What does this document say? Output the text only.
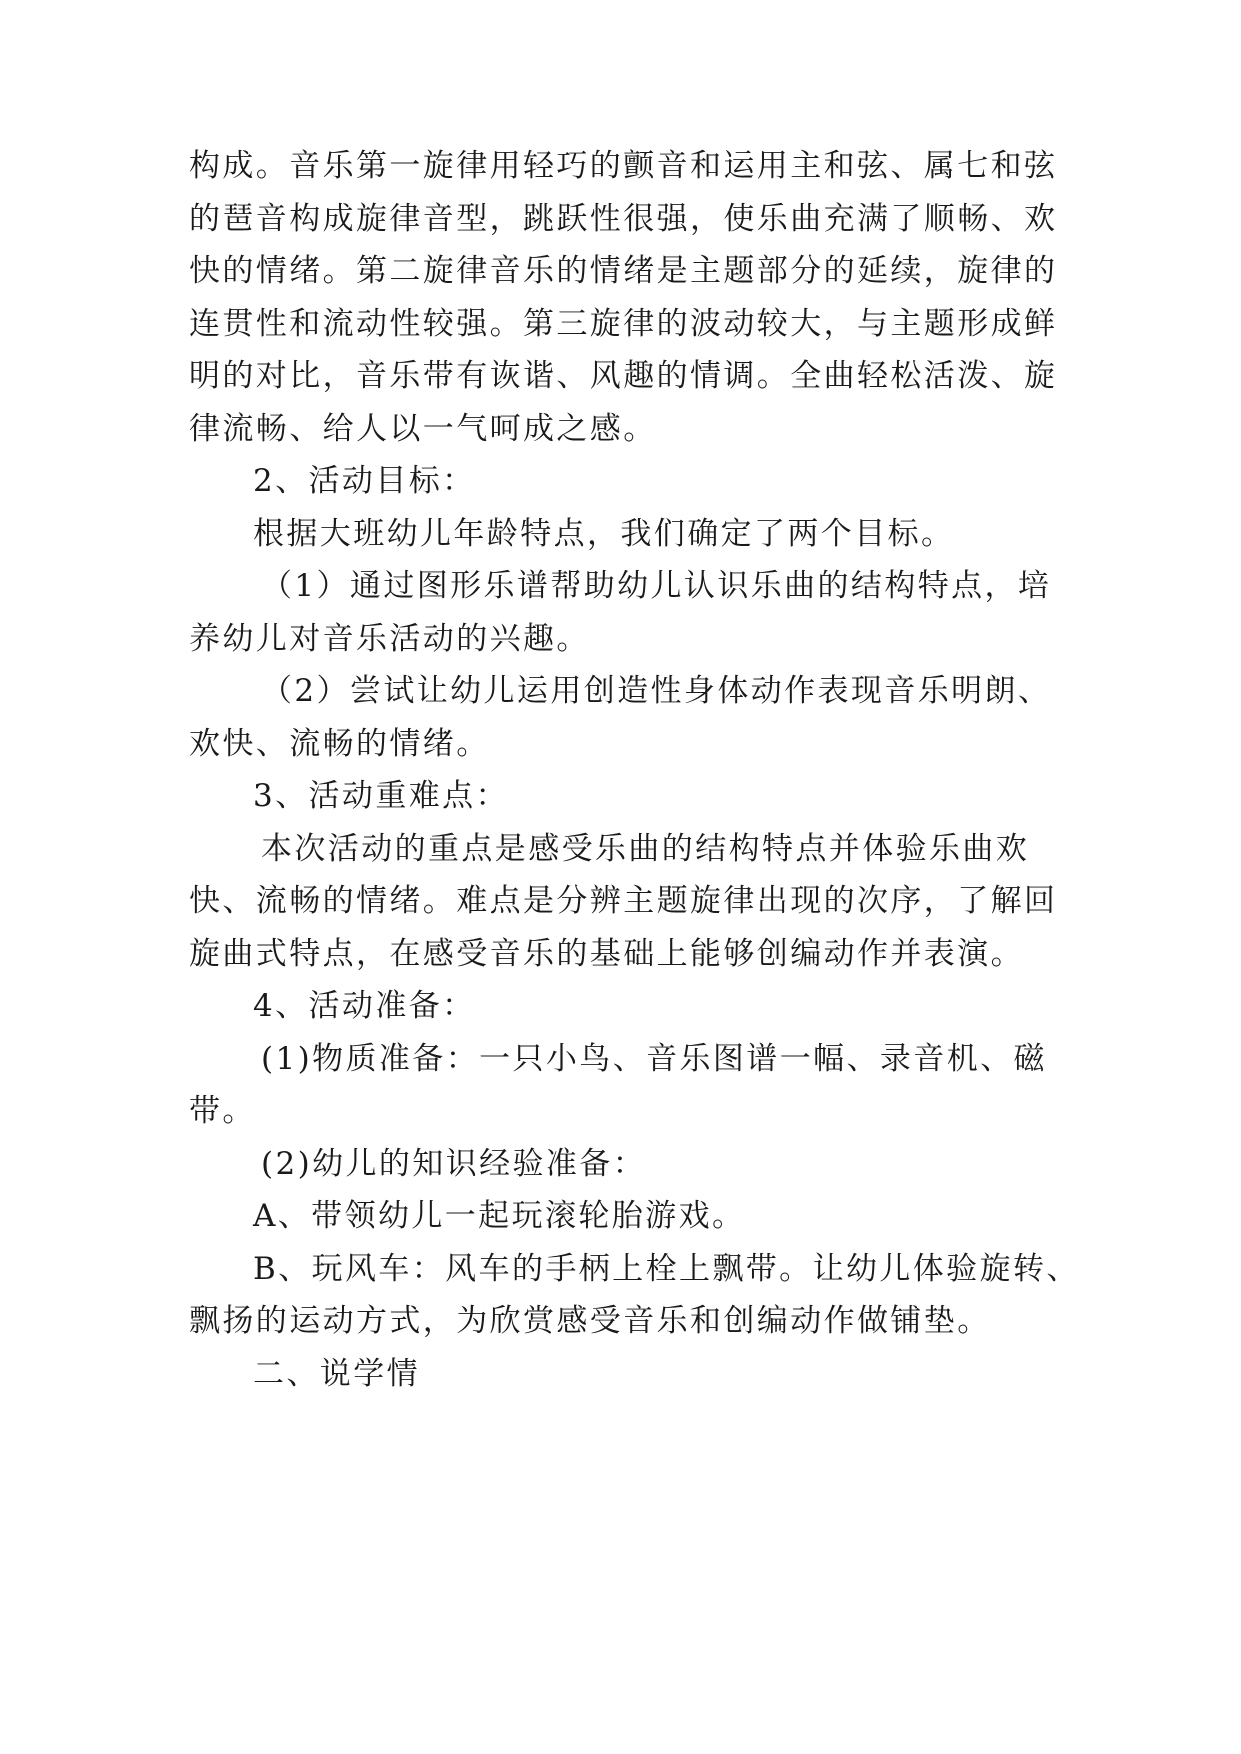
构成。音乐第一旋律用轻巧的颤音和运用主和弦、属七和弦
的琶音构成旋律音型，跳跃性很强，使乐曲充满了顺畅、欢
快的情绪。第二旋律音乐的情绪是主题部分的延续，旋律的
连贯性和流动性较强。第三旋律的波动较大，与主题形成鲜
明的对比，音乐带有诙谐、风趣的情调。全曲轻松活泼、旋
律流畅、给人以一气呵成之感。
2、活动目标：
根据大班幼儿年龄特点，我们确定了两个目标。
（1）通过图形乐谱帮助幼儿认识乐曲的结构特点，培
养幼儿对音乐活动的兴趣。
（2）尝试让幼儿运用创造性身体动作表现音乐明朗、
欢快、流畅的情绪。
3、活动重难点：
本次活动的重点是感受乐曲的结构特点并体验乐曲欢
快、流畅的情绪。难点是分辨主题旋律出现的次序，了解回
旋曲式特点，在感受音乐的基础上能够创编动作并表演。
4、活动准备：
(1)物质准备：一只小鸟、音乐图谱一幅、录音机、磁
带。
(2)幼儿的知识经验准备：
A、带领幼儿一起玩滚轮胎游戏。
B、玩风车：风车的手柄上栓上飘带。让幼儿体验旋转、
飘扬的运动方式，为欣赏感受音乐和创编动作做铺垫。
二、说学情
